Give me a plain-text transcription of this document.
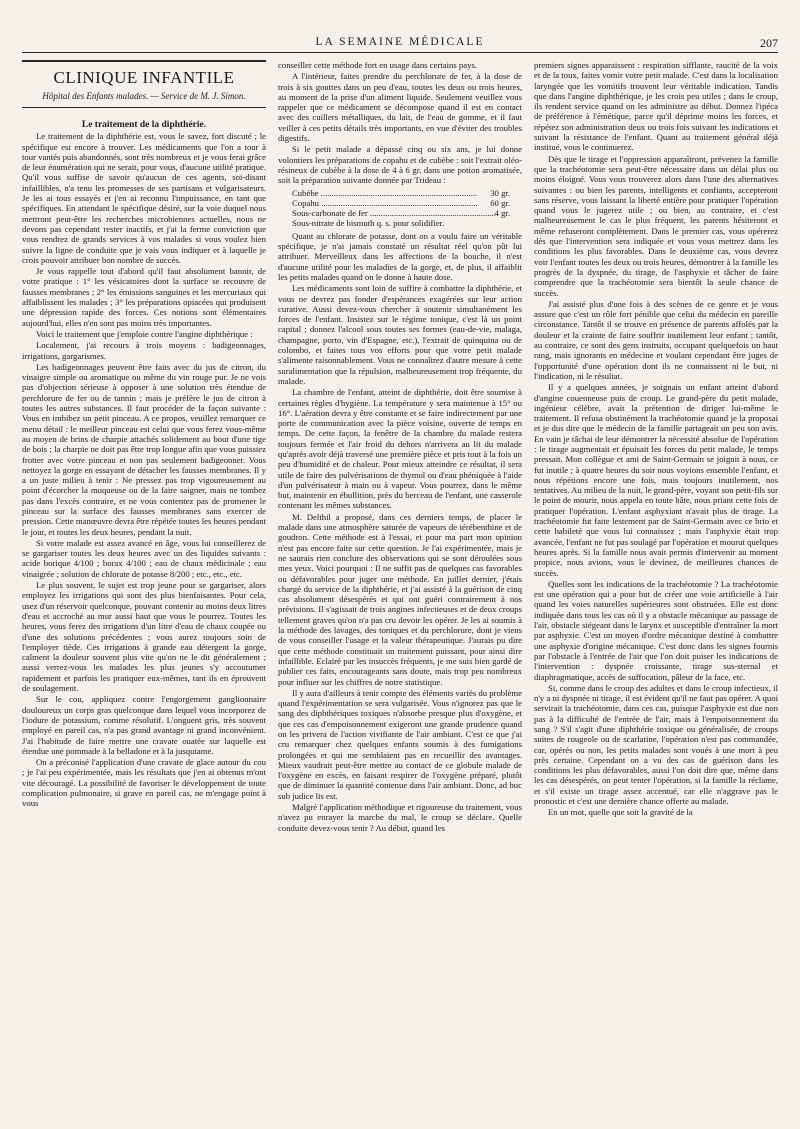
LA SEMAINE MÉDICALE	207
CLINIQUE INFANTILE
Hôpital des Enfants malades. — Service de M. J. Simon.

Le traitement de la diphthérie.

Le traitement de la diphthérie est, vous le savez, fort discuté ; le spécifique est encore à trouver. Les médicaments que l'on a tour à tour vantés puis abandonnés, sont très nombreux et je vous ferai grâce de leur énumération qui ne serait, pour vous, d'aucune utilité pratique. Qu'il vous suffise de savoir qu'aucun de ces agents, soi-disant infaillibles, n'a tenu les promesses de ses partisans et vulgarisateurs. Je les ai tous essayés et j'en ai reconnu l'impuissance, en tant que spécifiques. En attendant le spécifique désiré, sur la voie duquel nous mettront peut-être les recherches microbiennes actuelles, nous ne devons pas cependant rester inactifs, et j'ai la ferme conviction que vous rendrez de grands services à vos malades si vous voulez bien suivre la ligne de conduite que je vais vous indiquer et à laquelle je crois pouvoir attribuer bon nombre de succès.

Je vous rappelle tout d'abord qu'il faut absolument bannir, de votre pratique : 1° les vésicatoires dont la surface se recouvre de fausses membranes ; 2° les émissions sanguines et les mercuriaux qui affaiblissent les malades ; 3° les préparations opiacées qui produisent une dépression rapide des forces. Ces notions sont élémentaires aujourd'hui, elles n'en sont pas moins très importantes.

Voici le traitement que j'emploie contre l'angine diphthérique :

Localement, j'ai recours à trois moyens : badigeonnages, irrigations, gargarismes.

Les badigeonnages peuvent être faits avec du jus de citron, du vinaigre simple ou aromatique ou même du vin rouge pur. Je ne vois pas d'objection sérieuse à opposer à une solution très étendue de perchlorure de fer ou de tannin ; mais je préfère le jus de citron à toutes les autres substances. Il faut procéder de la façon suivante : Vous en imbibez un petit pinceau. A ce propos, veuillez remarquer ce menu détail : le meilleur pinceau est celui que vous ferez vous-même au moyen de brins de charpie attachés solidement au bout d'une tige de bois ; la charpie ne doit pas être trop longue afin que vous puissiez frotter avec votre pinceau et non pas seulement badigeonner. Vous nettoyez la gorge en essayant de détacher les fausses membranes. Il y a un juste milieu à tenir : Ne pressez pas trop vigoureusement au point d'écorcher la muqueuse ou de la faire saigner, mais ne tombez pas dans l'excès contraire, et ne vous contentez pas de promener le pinceau sur la surface des fausses membranes sans exercer de pression. Cette manœuvre devra être répétée toutes les heures pendant le jour, et toutes les deux heures, pendant la nuit.

Si votre malade est assez avancé en âge, vous lui conseillerez de se gargariser toutes les deux heures avec un des liquides suivants : acide borique 4/100 ; borax 4/100 ; eau de chaux médicinale ; eau vinaigrée ; solution de chlorate de potasse 8/200 ; etc., etc., etc.

Le plus souvent, le sujet est trop jeune pour se gargariser, alors employez les irrigations qui sont des plus bienfaisantes. Pour cela, usez d'un réservoir quelconque, pouvant contenir au moins deux litres d'eau et accroché au mur aussi haut que vous le pourrez. Toutes les heures, vous ferez des irrigations d'un litre d'eau de chaux coupée ou d'une des solutions précédentes ; vous aurez toujours soin de l'employer tiède. Ces irrigations à grande eau détergent la gorge, calment la douleur souvent plus vite qu'on ne le dit généralement ; aussi verrez-vous les malades les plus jeunes s'y accoutumer rapidement et parfois les pratiquer eux-mêmes, tant ils en éprouvent de soulagement.

Sur le cou, appliquez contre l'engorgement ganglionnaire douloureux un corps gras quelconque dans lequel vous incorporez de l'iodure de potassium, comme résolutif. L'onguent gris, très souvent employé en pareil cas, n'a pas grand avantage ni grand inconvénient. J'ai l'habitude de faire mettre une cravate ouatée sur laquelle est étendue une pommade à la belladone et à la jusquiame.

On a préconisé l'application d'une cravate de glace autour du cou ; je l'ai peu expérimentée, mais les résultats que j'en ai obtenus m'ont vite découragé. La possibilité de favoriser le développement de toute complication pulmonaire, si grave en pareil cas, ne m'engage point à vous

conseiller cette méthode fort en usage dans certains pays.

A l'intérieur, faites prendre du perchlorure de fer, à la dose de trois à six gouttes dans un peu d'eau, toutes les deux ou trois heures, au moment de la prise d'un aliment liquide. Seulement veuillez vous rappeler que ce médicament se décompose quand il est en contact avec des cuillers métalliques, du lait, de l'eau de gomme, et il faut veiller à ces petits détails très importants, en vue d'éviter des troubles digestifs.

Si le petit malade a dépassé cinq ou six ans, je lui donne volontiers les préparations de copahu et de cubèbe : soit l'extrait oléo-résineux de cubèbe à la dose de 4 à 6 gr. dans une potion aromatisée, soit la préparation suivante donnée par Trideau :

Cubèbe .....	30 gr.
Copahu .....	60 gr.
Sous-carbonate de fer .....	4 gr.
Sous-nitrate de bismuth q. s. pour solidifier.

Quant au chlorate de potasse, dont on a voulu faire un véritable spécifique, je n'ai jamais constaté un résultat réel qu'on pût lui attribuer. Merveilleux dans les affections de la bouche, il n'est d'aucune utilité pour les maladies de la gorge, et, de plus, il affaiblit les petits malades quand on le donne à haute dose.

Les médicaments sont loin de suffire à combattre la diphthérie, et vous ne devrez pas fonder d'espérances exagérées sur leur action curative. Aussi devez-vous chercher à soutenir simultanément les forces de l'enfant. Insistez sur le régime tonique, c'est là un point capital ; donnez l'alcool sous toutes ses formes (eau-de-vie, malaga, champagne, porto, vin d'Espagne, etc.), l'extrait de quinquina ou de colombo, et faites tous vos efforts pour que votre petit malade s'alimente raisonnablement. Vous ne connaîtrez d'autre mesure à cette suralimentation que la répulsion, malheureusement trop fréquente, du malade.

La chambre de l'enfant, atteint de diphthérie, doit être soumise à certaines règles d'hygiène. La température y sera maintenue à 15° ou 16°. L'aération devra y être constante et se faire indirectement par une porte de communication avec la pièce voisine, ouverte de temps en temps. De cette façon, la fenêtre de la chambre du malade restera toujours fermée et l'air froid du dehors n'arrivera au lit du malade qu'après avoir déjà traversé une première pièce et pris tout à la fois un peu d'humidité et de chaleur. Pour mieux atteindre ce résultat, il sera utile de faire des pulvérisations de thymol ou d'eau phéniquée à l'aide d'un pulvérisateur à main ou à vapeur. Vous pourrez, dans le même but, maintenir en ébullition, près du berceau de l'enfant, une casserole contenant les mêmes substances.

M. Delthil a proposé, dans ces derniers temps, de placer le malade dans une atmosphère saturée de vapeurs de térébenthine et de goudron. Cette méthode est à l'essai, et pour ma part mon opinion n'est pas encore faite sur cette question. Je l'ai expérimentée, mais je ne saurais rien conclure des observations qui se sont déroulées sous mes yeux. Voici pourquoi : Il ne suffit pas de quelques cas favorables ou défavorables pour juger une méthode. En juillet dernier, j'étais chargé du service de la diphthérie, et j'ai assisté à la guérison de cinq cas absolument désespérés et qui ont guéri contrairement à nos prévisions. Il s'agissait de trois angines infectieuses et de deux croups tellement graves qu'on n'a pas cru devoir les opérer. Je les ai soumis à la méthode des lavages, des toniques et du perchlorure, dont je viens de vous conseiller l'usage et la valeur thérapeutique. J'aurais pu dire que cette méthode constituait un traitement puissant, pour ainsi dire infaillible. Eclairé par les insuccès fréquents, je me suis bien gardé de publier ces faits, encourageants sans doute, mais trop peu nombreux pour influer sur les chiffres de notre statistique.

Il y aura d'ailleurs à tenir compte des éléments variés du problème quand l'expérimentation se sera vulgarisée. Vous n'ignorez pas que le sang des diphthériques toxiques n'absorbe presque plus d'oxygène, et que ces cas d'empoisonnement exigeront une grande prudence quand on les privera de l'action vivifiante de l'air ambiant. C'est ce que j'ai cru remarquer chez quelques enfants soumis à des fumigations prolongées et qui me semblaient pas en recueillir des avantages. Mieux vaudrait peut-être mettre au contact de ce globule malade de l'oxygène en excès, en faisant respirer de l'oxygène préparé, plutôt que de diminuer la quantité contenue dans l'air ambiant. Donc, ad huc sub judice lis est.

Malgré l'application méthodique et rigoureuse du traitement, vous n'avez pu enrayer la marche du mal, le croup se déclare. Quelle conduite devez-vous tenir ? Au début, quand les

premiers signes apparaissent : respiration sifflante, raucité de la voix et de la toux, faites vomir votre petit malade. C'est dans la localisation laryngée que les vomitifs trouvent leur véritable indication. Tandis que dans l'angine diphthérique, je les crois peu utiles ; dans le croup, ils rendent service quand on les administre au début. Donnez l'ipéca de préférence à l'émétique, parce qu'il déprime moins les forces, et répétez son administration deux ou trois fois suivant les indications et suivant la résistance de l'enfant. Quant au traitement général déjà institué, vous le continuerez.

Dès que le tirage et l'oppression apparaîtront, prévenez la famille que la trachéotomie sera peut-être nécessaire dans un délai plus ou moins éloigné. Vous vous trouverez alors dans l'une des alternatives suivantes : ou bien les parents, intelligents et confiants, accepteront sans réserve, vous laissant la liberté entière pour pratiquer l'opération quand vous le jugerez utile ; ou bien, au contraire, et c'est malheureusement le cas le plus fréquent, les parents hésiteront et même refuseront complètement. Dans le premier cas, vous opérerez dès que l'intervention sera indiquée et vous vous mettrez dans les conditions les plus favorables. Dans le deuxième cas, vous devrez voir l'enfant toutes les deux ou trois heures, démontrer à la famille les progrès de la dyspnée, du tirage, de l'asphyxie et tâcher de faire comprendre que la trachéotomie sera bientôt la seule chance de succès.

J'ai assisté plus d'une fois à des scènes de ce genre et je vous assure que c'est un rôle fort pénible que celui du médecin en pareille circonstance. Tantôt il se trouve en présence de parents affolés par la douleur et la crainte de faire souffrir inutilement leur enfant ; tantôt, au contraire, ce sont des gens instruits, occupant quelquefois un haut rang, mais ignorants en médecine et voulant cependant être juges de l'opportunité d'une opération dont ils ne connaissent ni le but, ni l'indication, ni le résultat.

Il y a quelques années, je soignais un enfant atteint d'abord d'angine couenneuse puis de croup. Le grand-père du petit malade, ingénieur célèbre, avait la prétention de diriger lui-même le traitement. Il refusa obstinément la trachéotomie quand je la proposai et je dus dire que le médecin de la famille partageait un peu son avis. En vain je tâchai de leur démontrer la nécessité absolue de l'opération : le tirage augmentait et épuisait les forces du petit malade, le temps pressait. Mon collègue et ami de Saint-Germain se joignit à nous, ce fut inutile ; à quatre heures du soir nous voyions ensemble l'enfant, et nous répétions encore une fois, mais toujours inutilement, nos tentatives. Au milieu de la nuit, le grand-père, voyant son petit-fils sur le point de mourir, nous appela en toute hâte, nous priant cette fois de pratiquer l'opération. L'enfant asphyxiant n'avait plus de tirage. La trachéotomie fut faite lestement par de Saint-Germain avec ce brio et cette habileté que vous lui connaissez ; mais l'asphyxie était trop avancée, l'enfant ne fut pas soulagé par l'opération et mourut quelques heures après. Si la famille nous avait permis d'intervenir au moment propice, nous avions, vous le devinez, de meilleures chances de succès.

Quelles sont les indications de la trachéotomie ? La trachéotomie est une opération qui a pour but de créer une voie artificielle à l'air quand les voies naturelles supérieures sont obstruées. Elle est donc indiquée dans tous les cas où il y a obstacle mécanique au passage de l'air, obstacle siégeant dans le larynx et susceptible d'entraîner la mort par asphyxie. C'est un moyen d'ordre mécanique destiné à combattre une asphyxie d'origine mécanique. C'est donc dans les signes fournis par l'obstacle à l'entrée de l'air que l'on doit puiser les indications de l'intervention : dyspnée croissante, tirage sus-sternal et diaphragmatique, accès de suffocation, pâleur de la face, etc.

Si, comme dans le croup des adultes et dans le croup infectieux, il n'y a ni dyspnée ni tirage, il est évident qu'il ne faut pas opérer. A quoi servirait la trachéotomie, dans ces cas, puisque l'asphyxie est due non pas à la difficulté de l'entrée de l'air, mais à l'empoisonnement du sang ? S'il s'agit d'une diphthérie toxique ou généralisée, de croups suites de rougeole ou de scarlatine, l'opération n'est pas commandée, car, opérés ou non, les petits malades sont voués à une mort à peu près certaine. Cependant on a vu des cas de guérison dans les conditions les plus défavorables, aussi l'on doit dire que, même dans les cas désespérés, on peut tenter l'opération, si la famille la réclame, et s'il existe un tirage assez accentué, car elle n'aggrave pas le pronostic et c'est une dernière chance offerte au malade.

En un mot, quelle que soit la gravité de la
